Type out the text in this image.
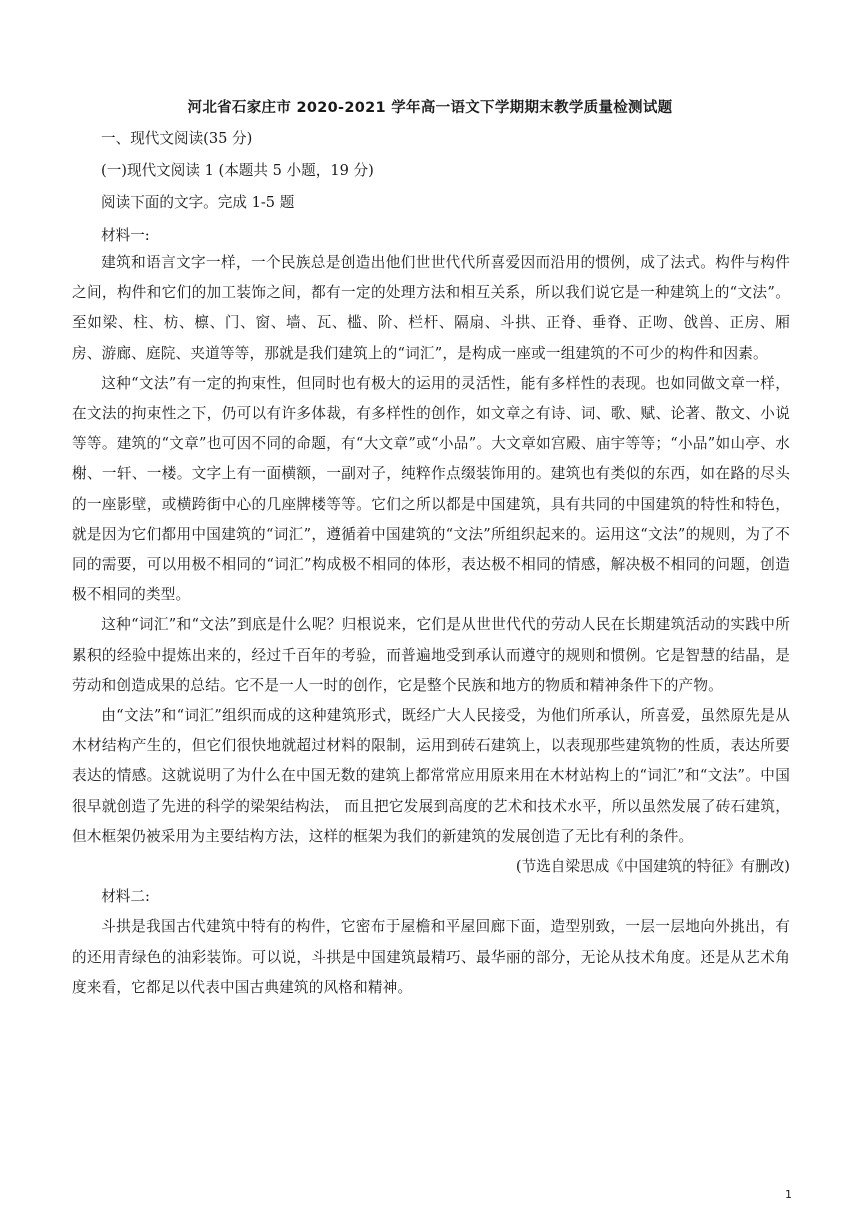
河北省石家庄市 2020-2021 学年高一语文下学期期末教学质量检测试题
一、现代文阅读(35 分)
(一)现代文阅读 1 (本题共 5 小题，19 分)
阅读下面的文字。完成 1-5 题
材料一:

建筑和语言文字一样，一个民族总是创造出他们世世代代所喜爱因而沿用的惯例，成了法式。构件与构件之间，构件和它们的加工装饰之间，都有一定的处理方法和相互关系，所以我们说它是一种建筑上的“文法”。至如梁、柱、枋、檩、门、窗、墙、瓦、槛、阶、栏杆、隔扇、斗拱、正脊、垂脊、正吻、戗兽、正房、厢房、游廊、庭院、夹道等等，那就是我们建筑上的“词汇”，是构成一座或一组建筑的不可少的构件和因素。

这种“文法”有一定的拘束性，但同时也有极大的运用的灵活性，能有多样性的表现。也如同做文章一样，在文法的拘束性之下，仍可以有许多体裁，有多样性的创作，如文章之有诗、词、歌、赋、论著、散文、小说等等。建筑的“文章”也可因不同的命题，有“大文章”或“小品”。大文章如宫殿、庙宇等等；“小品”如山亭、水榭、一轩、一楼。文字上有一面横额，一副对子，纯粹作点缀装饰用的。建筑也有类似的东西，如在路的尽头的一座影壁，或横跨街中心的几座牌楼等等。它们之所以都是中国建筑，具有共同的中国建筑的特性和特色，就是因为它们都用中国建筑的“词汇”，遵循着中国建筑的“文法”所组织起来的。运用这“文法”的规则，为了不同的需要，可以用极不相同的“词汇”构成极不相同的体形，表达极不相同的情感，解决极不相同的问题，创造极不相同的类型。

这种“词汇”和“文法”到底是什么呢？归根说来，它们是从世世代代的劳动人民在长期建筑活动的实践中所累积的经验中提炼出来的，经过千百年的考验，而普遍地受到承认而遵守的规则和惯例。它是智慧的结晶，是劳动和创造成果的总结。它不是一人一时的创作，它是整个民族和地方的物质和精神条件下的产物。

由“文法”和“词汇”组织而成的这种建筑形式，既经广大人民接受，为他们所承认，所喜爱，虽然原先是从木材结构产生的，但它们很快地就超过材料的限制，运用到砖石建筑上，以表现那些建筑物的性质，表达所要表达的情感。这就说明了为什么在中国无数的建筑上都常常应用原来用在木材站构上的“词汇”和“文法”。中国很早就创造了先进的科学的梁架结构法， 而且把它发展到高度的艺术和技术水平，所以虽然发展了砖石建筑，但木框架仍被采用为主要结构方法，这样的框架为我们的新建筑的发展创造了无比有利的条件。

(节选自梁思成《中国建筑的特征》有删改)

材料二:

斗拱是我国古代建筑中特有的构件，它密布于屋檐和平屋回廊下面，造型别致，一层一层地向外挑出，有的还用青绿色的油彩装饰。可以说，斗拱是中国建筑最精巧、最华丽的部分，无论从技术角度。还是从艺术角度来看，它都足以代表中国古典建筑的风格和精神。

1
